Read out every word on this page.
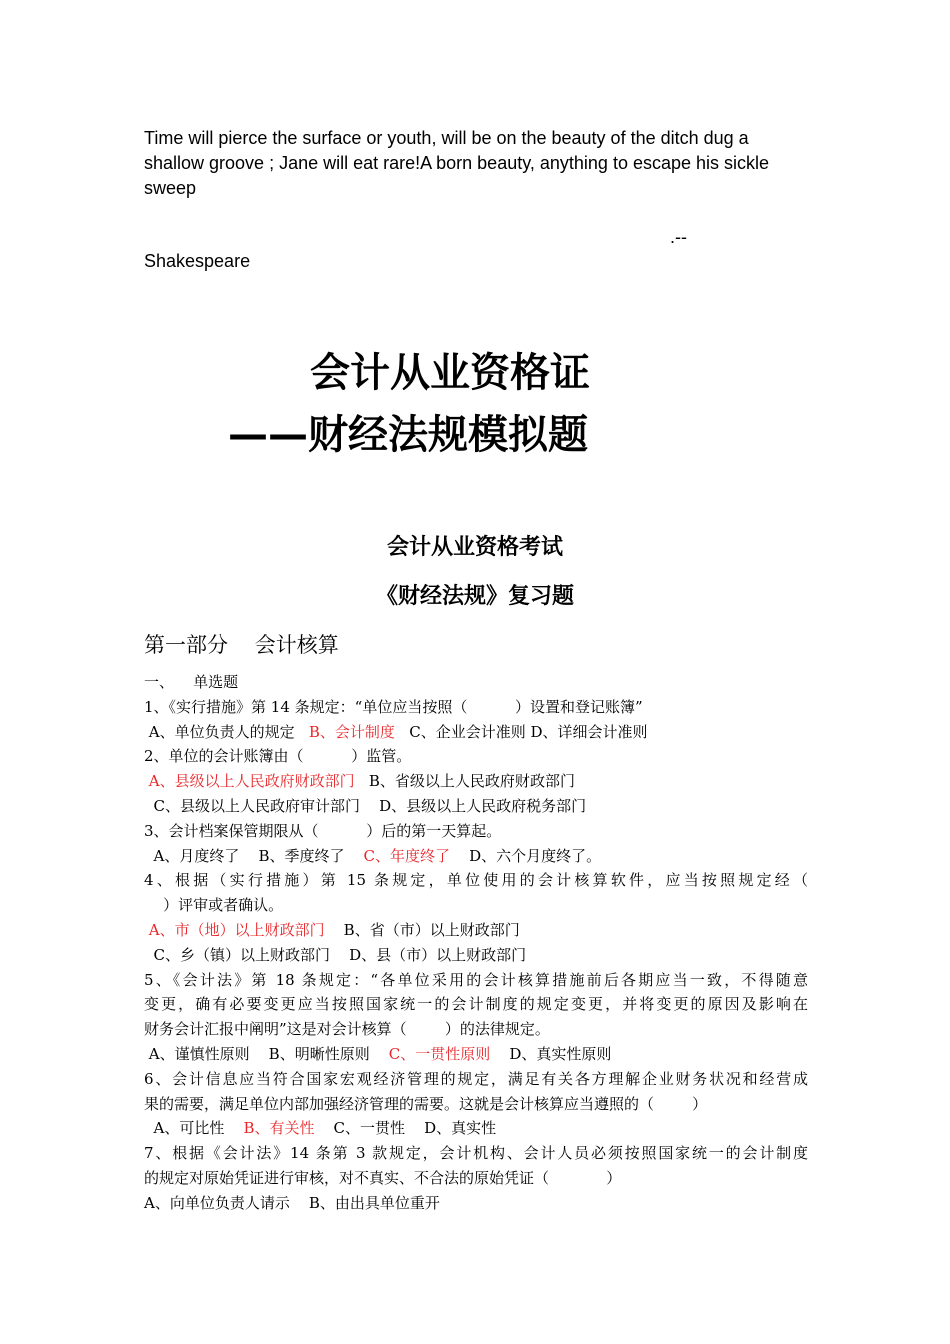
Time will pierce the surface or youth, will be on the beauty of the ditch dug a shallow groove ; Jane will eat rare!A born beauty, anything to escape his sickle sweep
.--
Shakespeare
会计从业资格证
——财经法规模拟题
会计从业资格考试
《财经法规》复习题
第一部分    会计核算
一、    单选题
1、《实行措施》第 14 条规定：“单位应当按照（          ）设置和登记账簿”
A、单位负责人的规定   B、会计制度   C、企业会计准则 D、详细会计准则
2、单位的会计账簿由（          ）监管。
A、县级以上人民政府财政部门   B、省级以上人民政府财政部门
C、县级以上人民政府审计部门    D、县级以上人民政府税务部门
3、会计档案保管期限从（          ）后的第一天算起。
A、月度终了    B、季度终了    C、年度终了    D、六个月度终了。
4、根据（实行措施）第 15 条规定，单位使用的会计核算软件，应当按照规定经（
）评审或者确认。
A、市（地）以上财政部门    B、省（市）以上财政部门
C、乡（镇）以上财政部门    D、县（市）以上财政部门
5、《会计法》第 18 条规定：“各单位采用的会计核算措施前后各期应当一致，不得随意
变更，确有必要变更应当按照国家统一的会计制度的规定变更，并将变更的原因及影响在
财务会计汇报中阐明”这是对会计核算（        ）的法律规定。
A、谨慎性原则    B、明晰性原则    C、一贯性原则    D、真实性原则
6、会计信息应当符合国家宏观经济管理的规定，满足有关各方理解企业财务状况和经营成
果的需要，满足单位内部加强经济管理的需要。这就是会计核算应当遵照的（        ）
A、可比性    B、有关性    C、一贯性    D、真实性
7、根据《会计法》14 条第 3 款规定，会计机构、会计人员必须按照国家统一的会计制度
的规定对原始凭证进行审核，对不真实、不合法的原始凭证（            ）
A、向单位负责人请示    B、由出具单位重开
